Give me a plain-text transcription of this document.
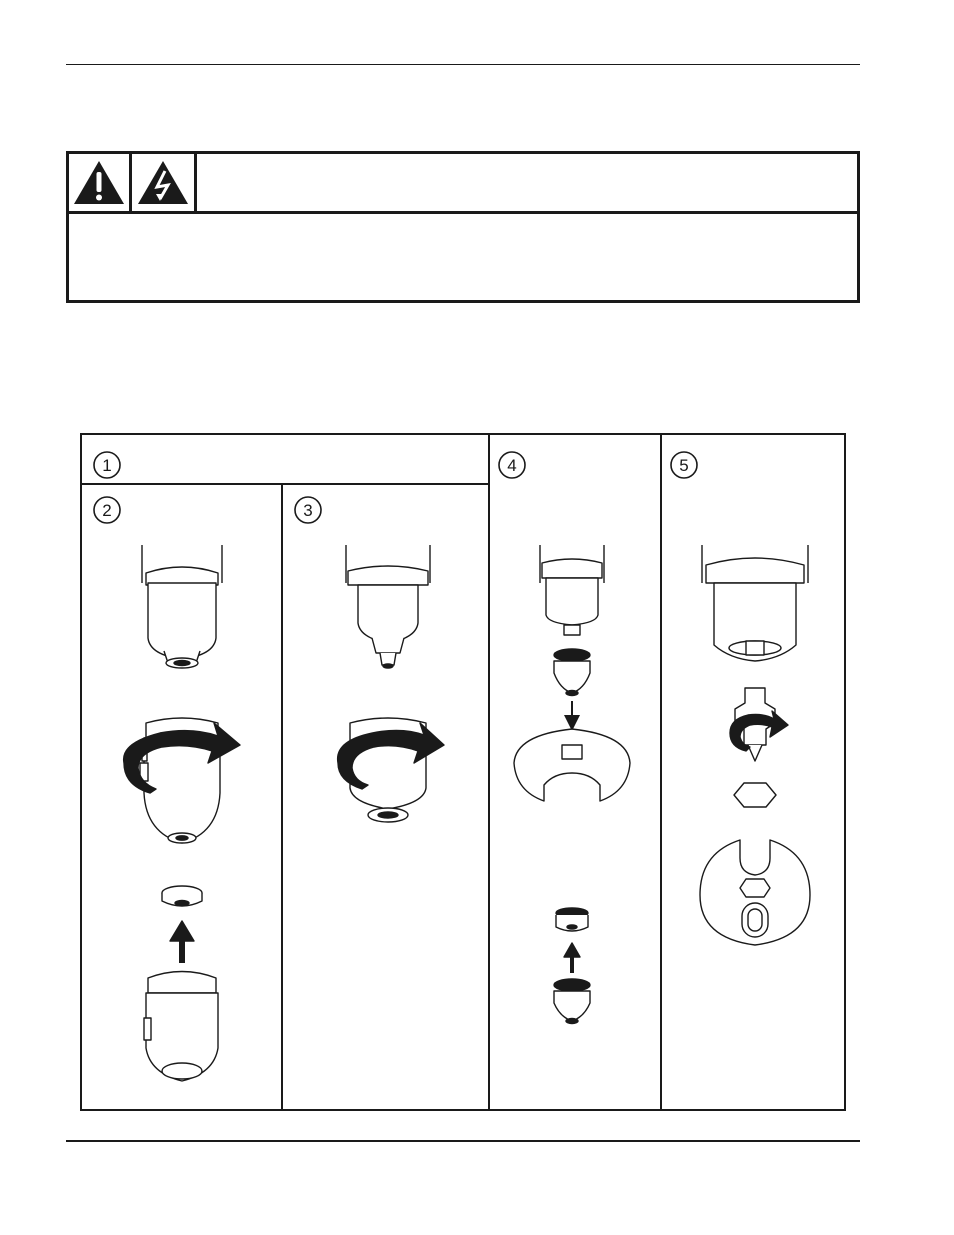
1
2	3
4	5
